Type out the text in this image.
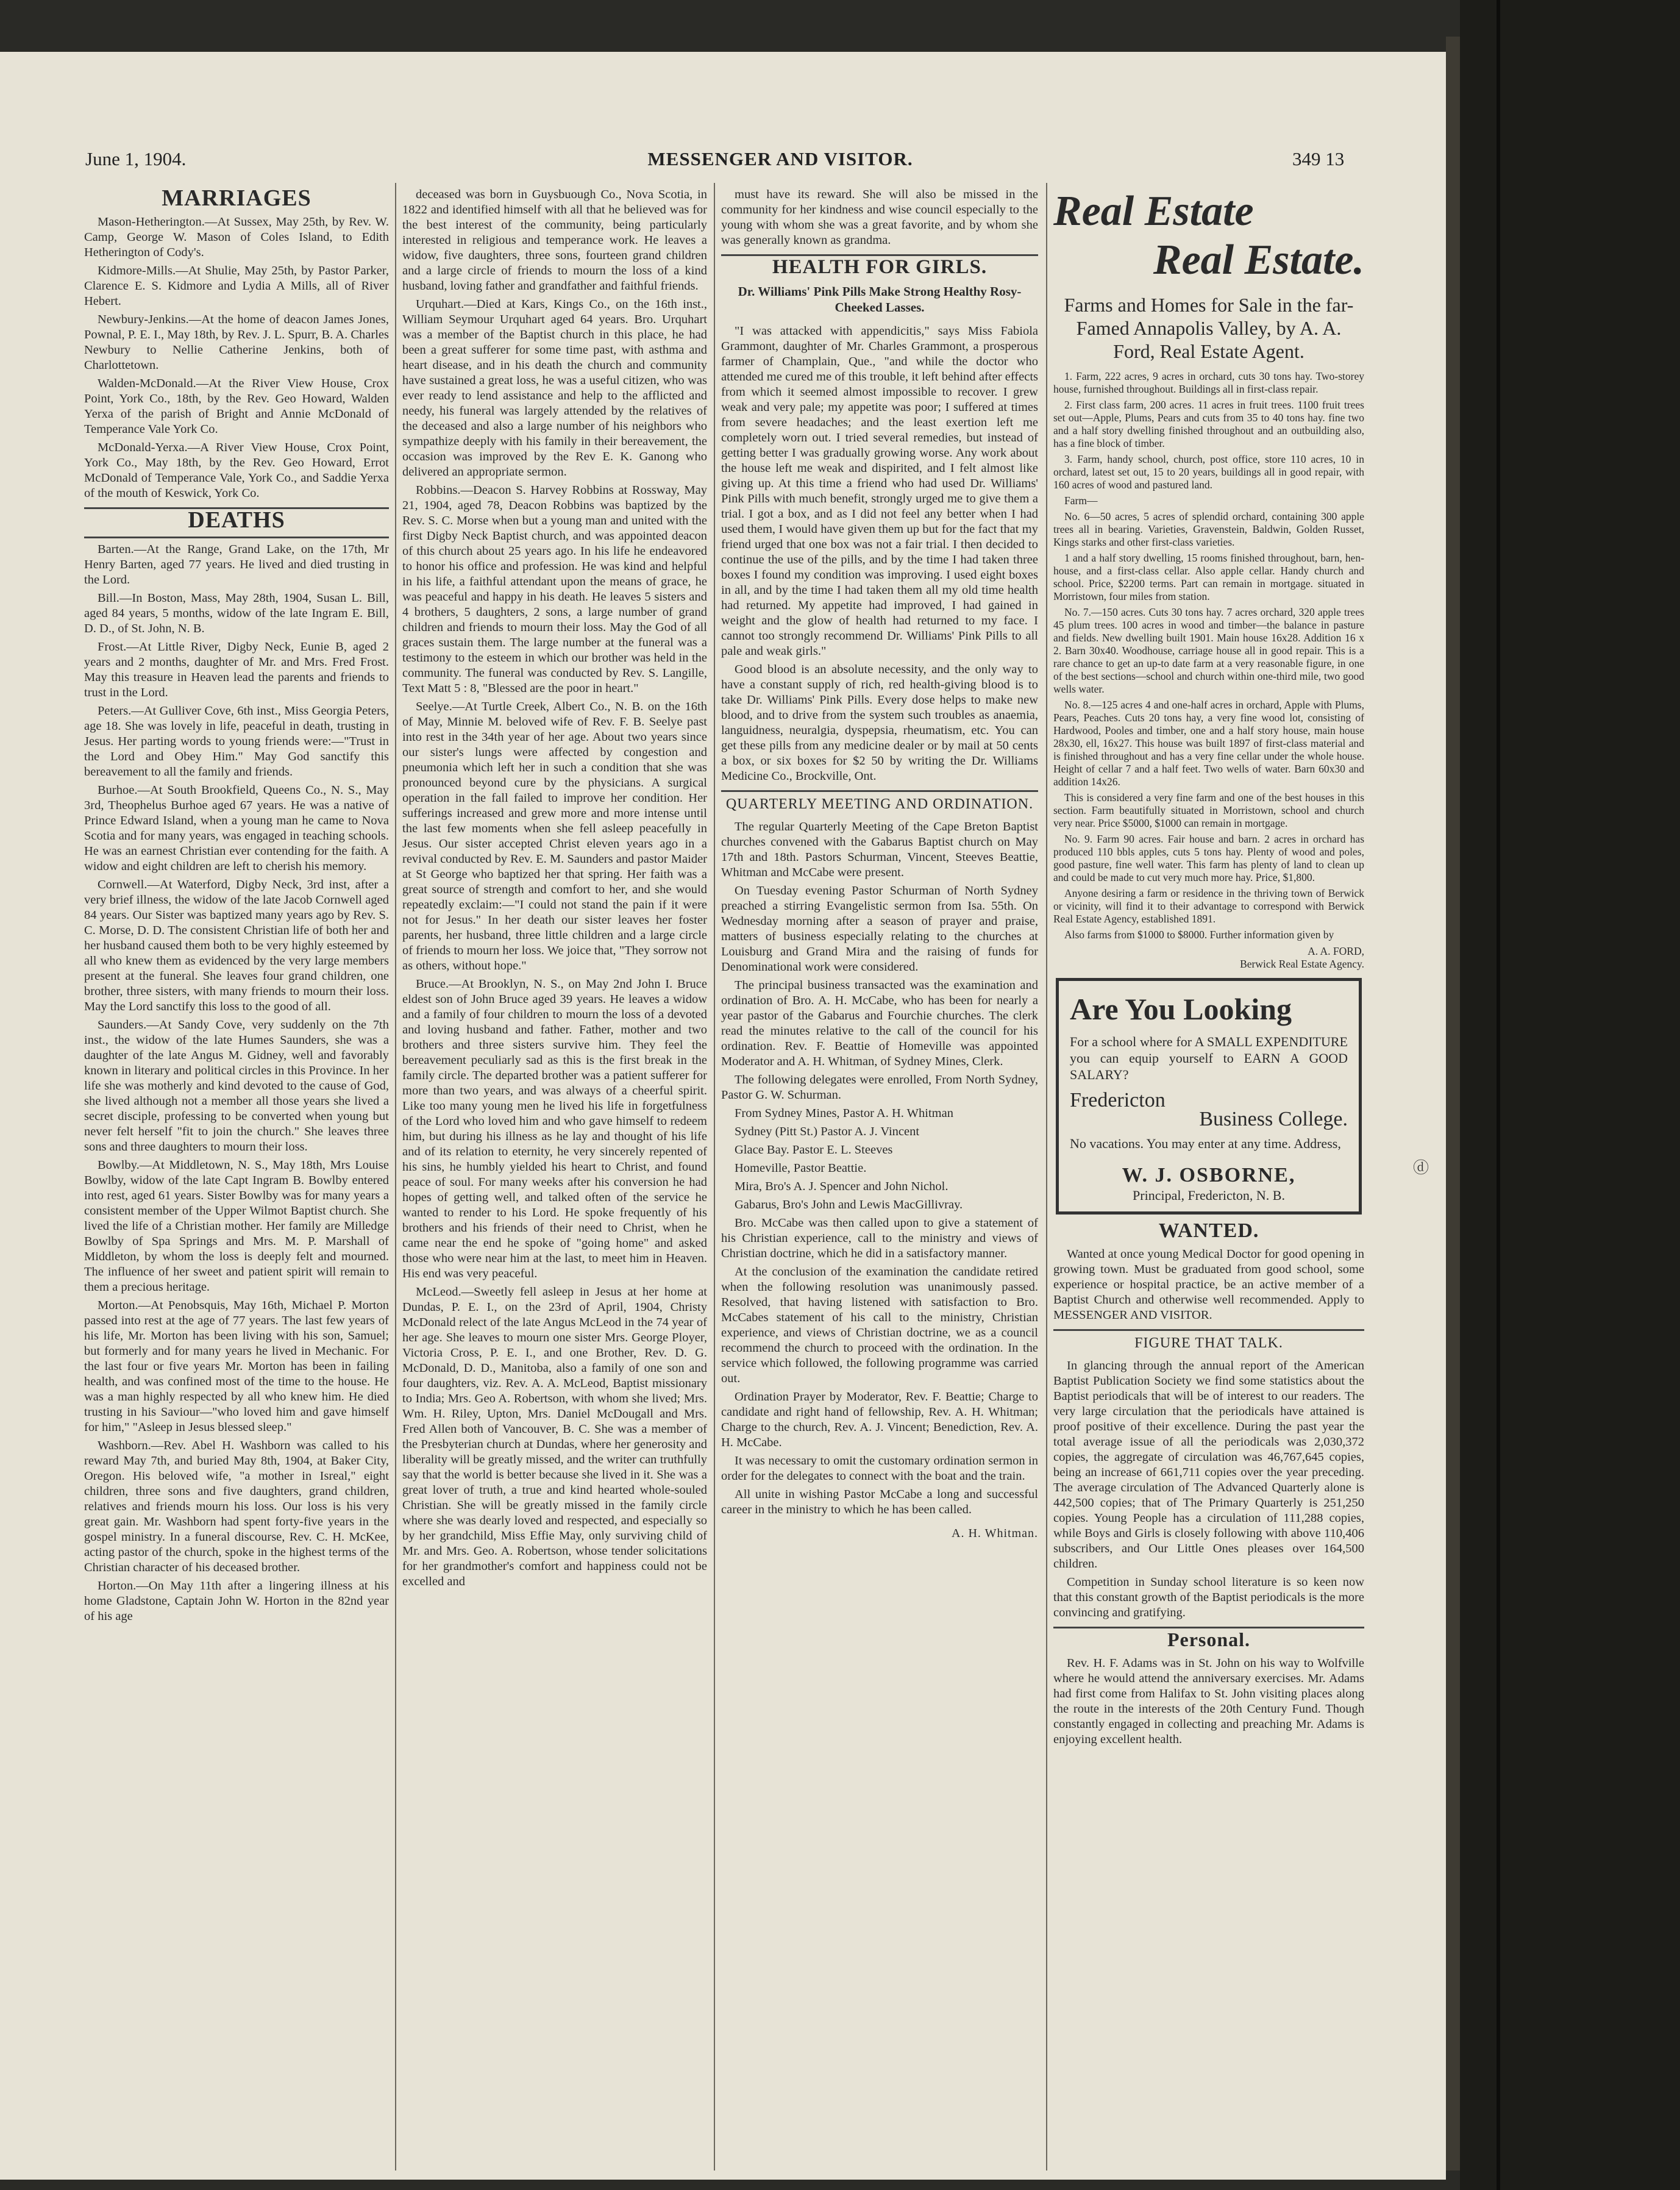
June 1, 1904.	MESSENGER AND VISITOR.	349 13
MARRIAGES

Mason-Hetherington.—At Sussex, May 25th, by Rev. W. Camp, George W. Mason of Coles Island, to Edith Hetherington of Cody's.

Kidmore-Mills.—At Shulie, May 25th, by Pastor Parker, Clarence E. S. Kidmore and Lydia A Mills, all of River Hebert.

Newbury-Jenkins.—At the home of deacon James Jones, Pownal, P. E. I., May 18th, by Rev. J. L. Spurr, B. A. Charles Newbury to Nellie Catherine Jenkins, both of Charlottetown.

Walden-McDonald.—At the River View House, Crox Point, York Co., 18th, by the Rev. Geo Howard, Walden Yerxa of the parish of Bright and Annie McDonald of Temperance Vale York Co.

McDonald-Yerxa.—A River View House, Crox Point, York Co., May 18th, by the Rev. Geo Howard, Errot McDonald of Temperance Vale, York Co., and Saddie Yerxa of the mouth of Keswick, York Co.

DEATHS

Barten.—At the Range, Grand Lake, on the 17th, Mr Henry Barten, aged 77 years. He lived and died trusting in the Lord.

Bill.—In Boston, Mass, May 28th, 1904, Susan L. Bill, aged 84 years, 5 months, widow of the late Ingram E. Bill, D. D., of St. John, N. B.

Frost.—At Little River, Digby Neck, Eunie B, aged 2 years and 2 months, daughter of Mr. and Mrs. Fred Frost. May this treasure in Heaven lead the parents and friends to trust in the Lord.

Peters.—At Gulliver Cove, 6th inst., Miss Georgia Peters, age 18. She was lovely in life, peaceful in death, trusting in Jesus. Her parting words to young friends were:—"Trust in the Lord and Obey Him." May God sanctify this bereavement to all the family and friends.

Burhoe.—At South Brookfield, Queens Co., N. S., May 3rd, Theophelus Burhoe aged 67 years. He was a native of Prince Edward Island, when a young man he came to Nova Scotia and for many years, was engaged in teaching schools. He was an earnest Christian ever contending for the faith. A widow and eight children are left to cherish his memory.

Cornwell.—At Waterford, Digby Neck, 3rd inst, after a very brief illness, the widow of the late Jacob Cornwell aged 84 years. Our Sister was baptized many years ago by Rev. S. C. Morse, D. D. The consistent Christian life of both her and her husband caused them both to be very highly esteemed by all who knew them as evidenced by the very large members present at the funeral. She leaves four grand children, one brother, three sisters, with many friends to mourn their loss. May the Lord sanctify this loss to the good of all.

Saunders.—At Sandy Cove, very suddenly on the 7th inst., the widow of the late Humes Saunders, she was a daughter of the late Angus M. Gidney, well and favorably known in literary and political circles in this Province. In her life she was motherly and kind devoted to the cause of God, she lived although not a member all those years she lived a secret disciple, professing to be converted when young but never felt herself "fit to join the church." She leaves three sons and three daughters to mourn their loss.

Bowlby.—At Middletown, N. S., May 18th, Mrs Louise Bowlby, widow of the late Capt Ingram B. Bowlby entered into rest, aged 61 years. Sister Bowlby was for many years a consistent member of the Upper Wilmot Baptist church. She lived the life of a Christian mother. Her family are Milledge Bowlby of Spa Springs and Mrs. M. P. Marshall of Middleton, by whom the loss is deeply felt and mourned. The influence of her sweet and patient spirit will remain to them a precious heritage.

Morton.—At Penobsquis, May 16th, Michael P. Morton passed into rest at the age of 77 years. The last few years of his life, Mr. Morton has been living with his son, Samuel; but formerly and for many years he lived in Mechanic. For the last four or five years Mr. Morton has been in failing health, and was confined most of the time to the house. He was a man highly respected by all who knew him. He died trusting in his Saviour—"who loved him and gave himself for him," "Asleep in Jesus blessed sleep."

Washborn.—Rev. Abel H. Washborn was called to his reward May 7th, and buried May 8th, 1904, at Baker City, Oregon. His beloved wife, "a mother in Isreal," eight children, three sons and five daughters, grand children, relatives and friends mourn his loss. Our loss is his very great gain. Mr. Washborn had spent forty-five years in the gospel ministry. In a funeral discourse, Rev. C. H. McKee, acting pastor of the church, spoke in the highest terms of the Christian character of his deceased brother.

Horton.—On May 11th after a lingering illness at his home Gladstone, Captain John W. Horton in the 82nd year of his age

deceased was born in Guysbuough Co., Nova Scotia, in 1822 and identified himself with all that he believed was for the best interest of the community, being particularly interested in religious and temperance work. He leaves a widow, five daughters, three sons, fourteen grand children and a large circle of friends to mourn the loss of a kind husband, loving father and grandfather and faithful friends.

Urquhart.—Died at Kars, Kings Co., on the 16th inst., William Seymour Urquhart aged 64 years. Bro. Urquhart was a member of the Baptist church in this place, he had been a great sufferer for some time past, with asthma and heart disease, and in his death the church and community have sustained a great loss, he was a useful citizen, who was ever ready to lend assistance and help to the afflicted and needy, his funeral was largely attended by the relatives of the deceased and also a large number of his neighbors who sympathize deeply with his family in their bereavement, the occasion was improved by the Rev E. K. Ganong who delivered an appropriate sermon.

Robbins.—Deacon S. Harvey Robbins at Rossway, May 21, 1904, aged 78, Deacon Robbins was baptized by the Rev. S. C. Morse when but a young man and united with the first Digby Neck Baptist church, and was appointed deacon of this church about 25 years ago. In his life he endeavored to honor his office and profession. He was kind and helpful in his life, a faithful attendant upon the means of grace, he was peaceful and happy in his death. He leaves 5 sisters and 4 brothers, 5 daughters, 2 sons, a large number of grand children and friends to mourn their loss. May the God of all graces sustain them. The large number at the funeral was a testimony to the esteem in which our brother was held in the community. The funeral was conducted by Rev. S. Langille, Text Matt 5 : 8, "Blessed are the poor in heart."

Seelye.—At Turtle Creek, Albert Co., N. B. on the 16th of May, Minnie M. beloved wife of Rev. F. B. Seelye past into rest in the 34th year of her age. About two years since our sister's lungs were affected by congestion and pneumonia which left her in such a condition that she was pronounced beyond cure by the physicians. A surgical operation in the fall failed to improve her condition. Her sufferings increased and grew more and more intense until the last few moments when she fell asleep peacefully in Jesus. Our sister accepted Christ eleven years ago in a revival conducted by Rev. E. M. Saunders and pastor Maider at St George who baptized her that spring. Her faith was a great source of strength and comfort to her, and she would repeatedly exclaim:—"I could not stand the pain if it were not for Jesus." In her death our sister leaves her foster parents, her husband, three little children and a large circle of friends to mourn her loss. We joice that, "They sorrow not as others, without hope."

Bruce.—At Brooklyn, N. S., on May 2nd John I. Bruce eldest son of John Bruce aged 39 years. He leaves a widow and a family of four children to mourn the loss of a devoted and loving husband and father. Father, mother and two brothers and three sisters survive him. They feel the bereavement peculiarly sad as this is the first break in the family circle. The departed brother was a patient sufferer for more than two years, and was always of a cheerful spirit. Like too many young men he lived his life in forgetfulness of the Lord who loved him and who gave himself to redeem him, but during his illness as he lay and thought of his life and of its relation to eternity, he very sincerely repented of his sins, he humbly yielded his heart to Christ, and found peace of soul. For many weeks after his conversion he had hopes of getting well, and talked often of the service he wanted to render to his Lord. He spoke frequently of his brothers and his friends of their need to Christ, when he came near the end he spoke of "going home" and asked those who were near him at the last, to meet him in Heaven. His end was very peaceful.

McLeod.—Sweetly fell asleep in Jesus at her home at Dundas, P. E. I., on the 23rd of April, 1904, Christy McDonald relect of the late Angus McLeod in the 74 year of her age. She leaves to mourn one sister Mrs. George Ployer, Victoria Cross, P. E. I., and one Brother, Rev. D. G. McDonald, D. D., Manitoba, also a family of one son and four daughters, viz. Rev. A. A. McLeod, Baptist missionary to India; Mrs. Geo A. Robertson, with whom she lived; Mrs. Wm. H. Riley, Upton, Mrs. Daniel McDougall and Mrs. Fred Allen both of Vancouver, B. C. She was a member of the Presbyterian church at Dundas, where her generosity and liberality will be greatly missed, and the writer can truthfully say that the world is better because she lived in it. She was a great lover of truth, a true and kind hearted whole-souled Christian. She will be greatly missed in the family circle where she was dearly loved and respected, and especially so by her grandchild, Miss Effie May, only surviving child of Mr. and Mrs. Geo. A. Robertson, whose tender solicitations for her grandmother's comfort and happiness could not be excelled and

must have its reward. She will also be missed in the community for her kindness and wise council especially to the young with whom she was a great favorite, and by whom she was generally known as grandma.

HEALTH FOR GIRLS.
Dr. Williams' Pink Pills Make Strong Healthy Rosy-Cheeked Lasses.

"I was attacked with appendicitis," says Miss Fabiola Grammont, daughter of Mr. Charles Grammont, a prosperous farmer of Champlain, Que., "and while the doctor who attended me cured me of this trouble, it left behind after effects from which it seemed almost impossible to recover. I grew weak and very pale; my appetite was poor; I suffered at times from severe headaches; and the least exertion left me completely worn out. I tried several remedies, but instead of getting better I was gradually growing worse. Any work about the house left me weak and dispirited, and I felt almost like giving up. At this time a friend who had used Dr. Williams' Pink Pills with much benefit, strongly urged me to give them a trial. I got a box, and as I did not feel any better when I had used them, I would have given them up but for the fact that my friend urged that one box was not a fair trial. I then decided to continue the use of the pills, and by the time I had taken three boxes I found my condition was improving. I used eight boxes in all, and by the time I had taken them all my old time health had returned. My appetite had improved, I had gained in weight and the glow of health had returned to my face. I cannot too strongly recommend Dr. Williams' Pink Pills to all pale and weak girls."

Good blood is an absolute necessity, and the only way to have a constant supply of rich, red health-giving blood is to take Dr. Williams' Pink Pills. Every dose helps to make new blood, and to drive from the system such troubles as anaemia, languidness, neuralgia, dyspepsia, rheumatism, etc. You can get these pills from any medicine dealer or by mail at 50 cents a box, or six boxes for $2 50 by writing the Dr. Williams Medicine Co., Brockville, Ont.

QUARTERLY MEETING AND ORDINATION.

The regular Quarterly Meeting of the Cape Breton Baptist churches convened with the Gabarus Baptist church on May 17th and 18th. Pastors Schurman, Vincent, Steeves Beattie, Whitman and McCabe were present.

On Tuesday evening Pastor Schurman of North Sydney preached a stirring Evangelistic sermon from Isa. 55th. On Wednesday morning after a season of prayer and praise, matters of business especially relating to the churches at Louisburg and Grand Mira and the raising of funds for Denominational work were considered.

The principal business transacted was the examination and ordination of Bro. A. H. McCabe, who has been for nearly a year pastor of the Gabarus and Fourchie churches. The clerk read the minutes relative to the call of the council for his ordination. Rev. F. Beattie of Homeville was appointed Moderator and A. H. Whitman, of Sydney Mines, Clerk.

The following delegates were enrolled, From North Sydney, Pastor G. W. Schurman.

From Sydney Mines, Pastor A. H. Whitman

Sydney (Pitt St.) Pastor A. J. Vincent

Glace Bay. Pastor E. L. Steeves

Homeville, Pastor Beattie.

Mira, Bro's A. J. Spencer and John Nichol.

Gabarus, Bro's John and Lewis MacGillivray.

Bro. McCabe was then called upon to give a statement of his Christian experience, call to the ministry and views of Christian doctrine, which he did in a satisfactory manner.

At the conclusion of the examination the candidate retired when the following resolution was unanimously passed. Resolved, that having listened with satisfaction to Bro. McCabes statement of his call to the ministry, Christian experience, and views of Christian doctrine, we as a council recommend the church to proceed with the ordination. In the service which followed, the following programme was carried out.

Ordination Prayer by Moderator, Rev. F. Beattie; Charge to candidate and right hand of fellowship, Rev. A. H. Whitman; Charge to the church, Rev. A. J. Vincent; Benediction, Rev. A. H. McCabe.

It was necessary to omit the customary ordination sermon in order for the delegates to connect with the boat and the train.

All unite in wishing Pastor McCabe a long and successful career in the ministry to which he has been called.

A. H. Whitman.
Real Estate
Real Estate.
Farms and Homes for Sale in the far-Famed Annapolis Valley, by A. A. Ford, Real Estate Agent.

1. Farm, 222 acres, 9 acres in orchard, cuts 30 tons hay. Two-storey house, furnished throughout. Buildings all in first-class repair.

2. First class farm, 200 acres. 11 acres in fruit trees. 1100 fruit trees set out—Apple, Plums, Pears and cuts from 35 to 40 tons hay. fine two and a half story dwelling finished throughout and an outbuilding also, has a fine block of timber.

3. Farm, handy school, church, post office, store 110 acres, 10 in orchard, latest set out, 15 to 20 years, buildings all in good repair, with 160 acres of wood and pastured land.

Farm—

No. 6—50 acres, 5 acres of splendid orchard, containing 300 apple trees all in bearing. Varieties, Gravenstein, Baldwin, Golden Russet, Kings starks and other first-class varieties.

1 and a half story dwelling, 15 rooms finished throughout, barn, hen-house, and a first-class cellar. Also apple cellar. Handy church and school. Price, $2200 terms. Part can remain in mortgage. situated in Morristown, four miles from station.

No. 7.—150 acres. Cuts 30 tons hay. 7 acres orchard, 320 apple trees 45 plum trees. 100 acres in wood and timber—the balance in pasture and fields. New dwelling built 1901. Main house 16x28. Addition 16 x 2. Barn 30x40. Woodhouse, carriage house all in good repair. This is a rare chance to get an up-to date farm at a very reasonable figure, in one of the best sections—school and church within one-third mile, two good wells water.

No. 8.—125 acres 4 and one-half acres in orchard, Apple with Plums, Pears, Peaches. Cuts 20 tons hay, a very fine wood lot, consisting of Hardwood, Pooles and timber, one and a half story house, main house 28x30, ell, 16x27. This house was built 1897 of first-class material and is finished throughout and has a very fine cellar under the whole house. Height of cellar 7 and a half feet. Two wells of water. Barn 60x30 and addition 14x26.

This is considered a very fine farm and one of the best houses in this section. Farm beautifully situated in Morristown, school and church very near. Price $5000, $1000 can remain in mortgage.

No. 9. Farm 90 acres. Fair house and barn. 2 acres in orchard has produced 110 bbls apples, cuts 5 tons hay. Plenty of wood and poles, good pasture, fine well water. This farm has plenty of land to clean up and could be made to cut very much more hay. Price, $1,800.

Anyone desiring a farm or residence in the thriving town of Berwick or vicinity, will find it to their advantage to correspond with Berwick Real Estate Agency, established 1891.

Also farms from $1000 to $8000. Further information given by

A. A. FORD,
Berwick Real Estate Agency.
Are You Looking
For a school where for A SMALL EXPENDITURE you can equip yourself to EARN A GOOD SALARY?
Fredericton
Business College.
No vacations. You may enter at any time. Address,
W. J. OSBORNE,
Principal, Fredericton, N. B.
WANTED.

Wanted at once young Medical Doctor for good opening in growing town. Must be graduated from good school, some experience or hospital practice, be an active member of a Baptist Church and otherwise well recommended. Apply to MESSENGER AND VISITOR.

FIGURE THAT TALK.

In glancing through the annual report of the American Baptist Publication Society we find some statistics about the Baptist periodicals that will be of interest to our readers. The very large circulation that the periodicals have attained is proof positive of their excellence. During the past year the total average issue of all the periodicals was 2,030,372 copies, the aggregate of circulation was 46,767,645 copies, being an increase of 661,711 copies over the year preceding. The average circulation of The Advanced Quarterly alone is 442,500 copies; that of The Primary Quarterly is 251,250 copies. Young People has a circulation of 111,288 copies, while Boys and Girls is closely following with above 110,406 subscribers, and Our Little Ones pleases over 164,500 children.

Competition in Sunday school literature is so keen now that this constant growth of the Baptist periodicals is the more convincing and gratifying.

Personal.

Rev. H. F. Adams was in St. John on his way to Wolfville where he would attend the anniversary exercises. Mr. Adams had first come from Halifax to St. John visiting places along the route in the interests of the 20th Century Fund. Though constantly engaged in collecting and preaching Mr. Adams is enjoying excellent health.

ⓓ
